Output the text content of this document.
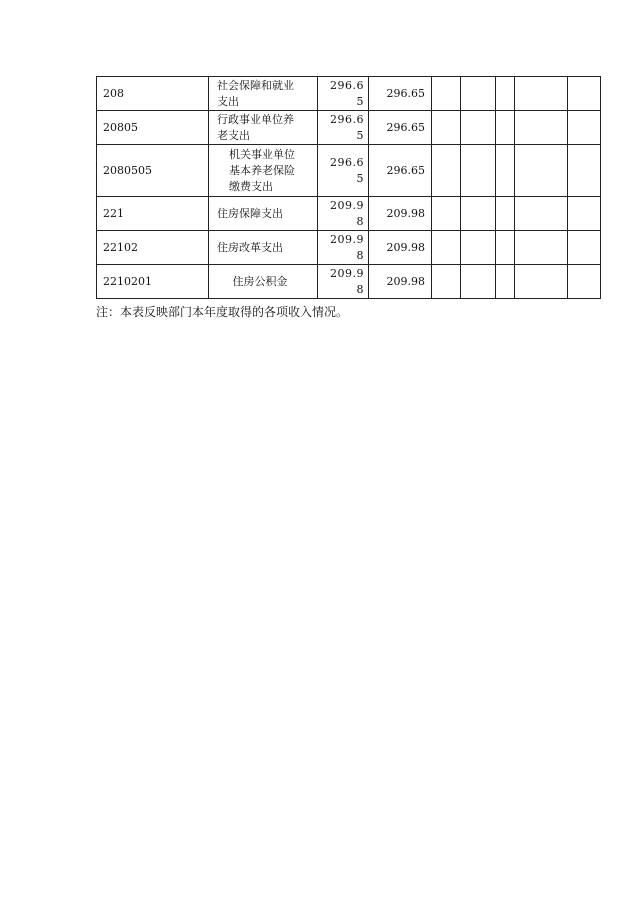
208	社会保障和就业支出	296.65	296.65					
20805	行政事业单位养老支出	296.65	296.65					
2080505	机关事业单位基本养老保险缴费支出	296.65	296.65					
221	住房保障支出	209.98	209.98					
22102	住房改革支出	209.98	209.98					
2210201	住房公积金	209.98	209.98					
注：本表反映部门本年度取得的各项收入情况。
